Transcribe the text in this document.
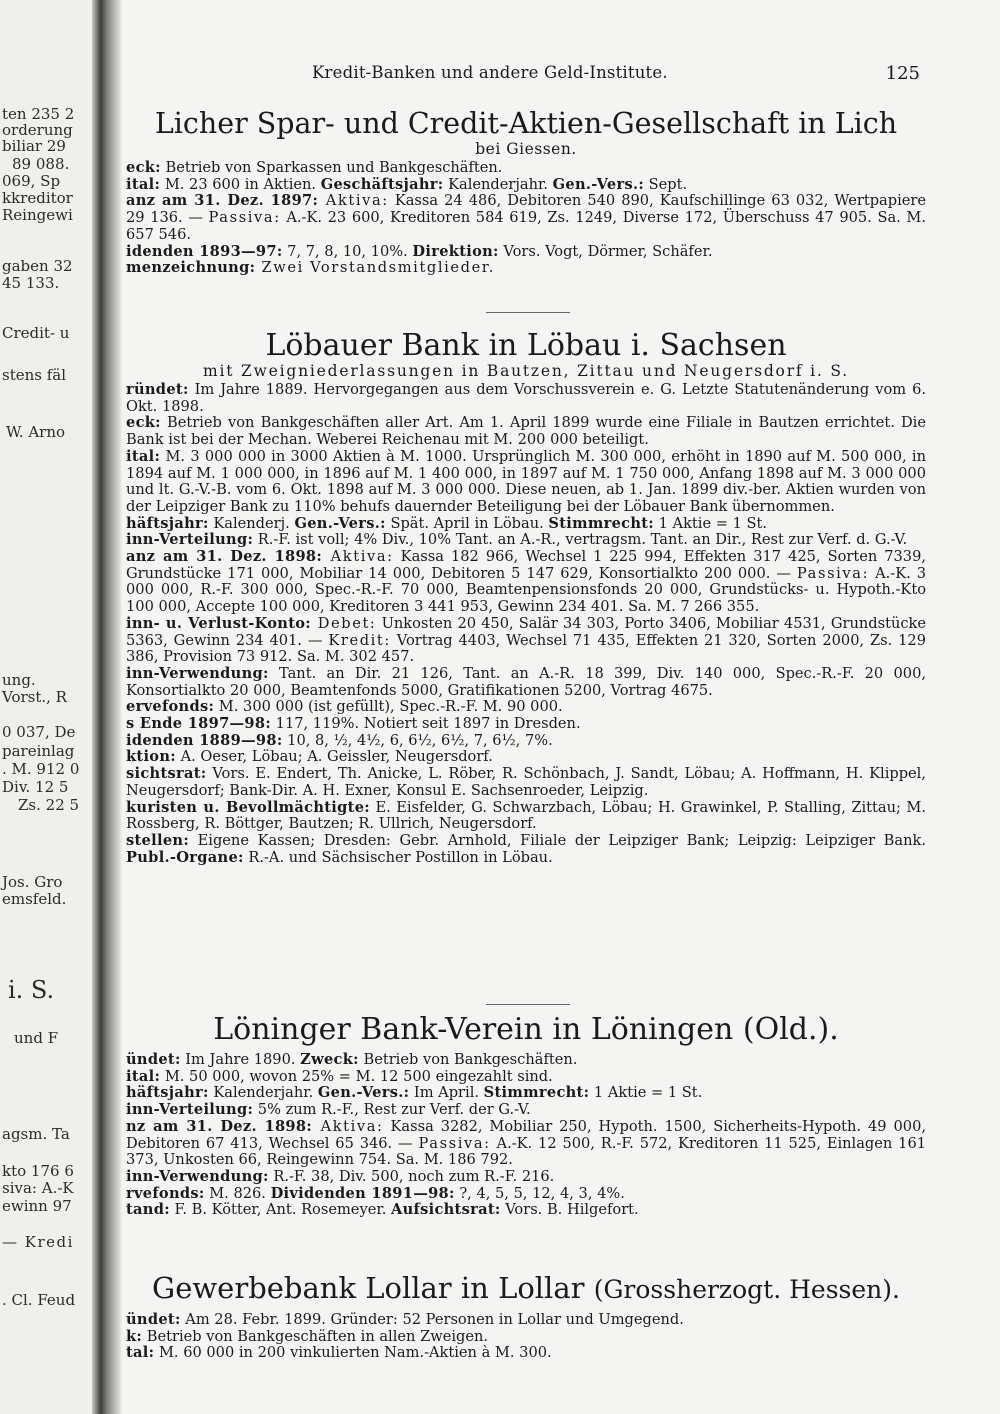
ten 235 2
orderung
biliar 29
89 088.
069, Sp
kkreditor
Reingewi
gaben 32
45 133.
Credit- u
stens fäl
W. Arno
ung.
Vorst., R
0 037, De
pareinlag
. M. 912 0
Div. 12 5
Zs. 22 5
Jos. Gro
emsfeld.
i. S.
und F
agsm. Ta
kto 176 6
siva: A.-K
ewinn 97
— Kredi
. Cl. Feud
Kredit-Banken und andere Geld-Institute.	125
Licher Spar- und Credit-Aktien-Gesellschaft in Lich
bei Giessen.

eck: Betrieb von Sparkassen und Bankgeschäften.

ital: M. 23 600 in Aktien. Geschäftsjahr: Kalenderjahr. Gen.-Vers.: Sept.

anz am 31. Dez. 1897: Aktiva: Kassa 24 486, Debitoren 540 890, Kaufschillinge 63 032, Wertpapiere 29 136. — Passiva: A.-K. 23 600, Kreditoren 584 619, Zs. 1249, Diverse 172, Überschuss 47 905. Sa. M. 657 546.

idenden 1893—97: 7, 7, 8, 10, 10%. Direktion: Vors. Vogt, Dörmer, Schäfer.

menzeichnung: Zwei Vorstandsmitglieder.

Löbauer Bank in Löbau i. Sachsen
mit Zweigniederlassungen in Bautzen, Zittau und Neugersdorf i. S.

ründet: Im Jahre 1889. Hervorgegangen aus dem Vorschussverein e. G. Letzte Statutenänderung vom 6. Okt. 1898.

eck: Betrieb von Bankgeschäften aller Art. Am 1. April 1899 wurde eine Filiale in Bautzen errichtet. Die Bank ist bei der Mechan. Weberei Reichenau mit M. 200 000 beteiligt.

ital: M. 3 000 000 in 3000 Aktien à M. 1000. Ursprünglich M. 300 000, erhöht in 1890 auf M. 500 000, in 1894 auf M. 1 000 000, in 1896 auf M. 1 400 000, in 1897 auf M. 1 750 000, Anfang 1898 auf M. 3 000 000 und lt. G.-V.-B. vom 6. Okt. 1898 auf M. 3 000 000. Diese neuen, ab 1. Jan. 1899 div.-ber. Aktien wurden von der Leipziger Bank zu 110% behufs dauernder Beteiligung bei der Löbauer Bank übernommen.

häftsjahr: Kalenderj. Gen.-Vers.: Spät. April in Löbau. Stimmrecht: 1 Aktie = 1 St.

inn-Verteilung: R.-F. ist voll; 4% Div., 10% Tant. an A.-R., vertragsm. Tant. an Dir., Rest zur Verf. d. G.-V.

anz am 31. Dez. 1898: Aktiva: Kassa 182 966, Wechsel 1 225 994, Effekten 317 425, Sorten 7339, Grundstücke 171 000, Mobiliar 14 000, Debitoren 5 147 629, Konsortialkto 200 000. — Passiva: A.-K. 3 000 000, R.-F. 300 000, Spec.-R.-F. 70 000, Beamtenpensionsfonds 20 000, Grundstücks- u. Hypoth.-Kto 100 000, Accepte 100 000, Kreditoren 3 441 953, Gewinn 234 401. Sa. M. 7 266 355.

inn- u. Verlust-Konto: Debet: Unkosten 20 450, Salär 34 303, Porto 3406, Mobiliar 4531, Grundstücke 5363, Gewinn 234 401. — Kredit: Vortrag 4403, Wechsel 71 435, Effekten 21 320, Sorten 2000, Zs. 129 386, Provision 73 912. Sa. M. 302 457.

inn-Verwendung: Tant. an Dir. 21 126, Tant. an A.-R. 18 399, Div. 140 000, Spec.-R.-F. 20 000, Konsortialkto 20 000, Beamtenfonds 5000, Gratifikationen 5200, Vortrag 4675.

ervefonds: M. 300 000 (ist gefüllt), Spec.-R.-F. M. 90 000.

s Ende 1897—98: 117, 119%. Notiert seit 1897 in Dresden.

idenden 1889—98: 10, 8, ½, 4½, 6, 6½, 6½, 7, 6½, 7%.

ktion: A. Oeser, Löbau; A. Geissler, Neugersdorf.

sichtsrat: Vors. E. Endert, Th. Anicke, L. Röber, R. Schönbach, J. Sandt, Löbau; A. Hoffmann, H. Klippel, Neugersdorf; Bank-Dir. A. H. Exner, Konsul E. Sachsenroeder, Leipzig.

kuristen u. Bevollmächtigte: E. Eisfelder, G. Schwarzbach, Löbau; H. Grawinkel, P. Stalling, Zittau; M. Rossberg, R. Böttger, Bautzen; R. Ullrich, Neugersdorf.

stellen: Eigene Kassen; Dresden: Gebr. Arnhold, Filiale der Leipziger Bank; Leipzig: Leipziger Bank. Publ.-Organe: R.-A. und Sächsischer Postillon in Löbau.

Löninger Bank-Verein in Löningen (Old.).

ündet: Im Jahre 1890. Zweck: Betrieb von Bankgeschäften.

ital: M. 50 000, wovon 25% = M. 12 500 eingezahlt sind.

häftsjahr: Kalenderjahr. Gen.-Vers.: Im April. Stimmrecht: 1 Aktie = 1 St.

inn-Verteilung: 5% zum R.-F., Rest zur Verf. der G.-V.

nz am 31. Dez. 1898: Aktiva: Kassa 3282, Mobiliar 250, Hypoth. 1500, Sicherheits-Hypoth. 49 000, Debitoren 67 413, Wechsel 65 346. — Passiva: A.-K. 12 500, R.-F. 572, Kreditoren 11 525, Einlagen 161 373, Unkosten 66, Reingewinn 754. Sa. M. 186 792.

inn-Verwendung: R.-F. 38, Div. 500, noch zum R.-F. 216.

rvefonds: M. 826. Dividenden 1891—98: ?, 4, 5, 5, 12, 4, 3, 4%.

tand: F. B. Kötter, Ant. Rosemeyer. Aufsichtsrat: Vors. B. Hilgefort.

Gewerbebank Lollar in Lollar (Grossherzogt. Hessen).

ündet: Am 28. Febr. 1899. Gründer: 52 Personen in Lollar und Umgegend.

k: Betrieb von Bankgeschäften in allen Zweigen.

tal: M. 60 000 in 200 vinkulierten Nam.-Aktien à M. 300.
